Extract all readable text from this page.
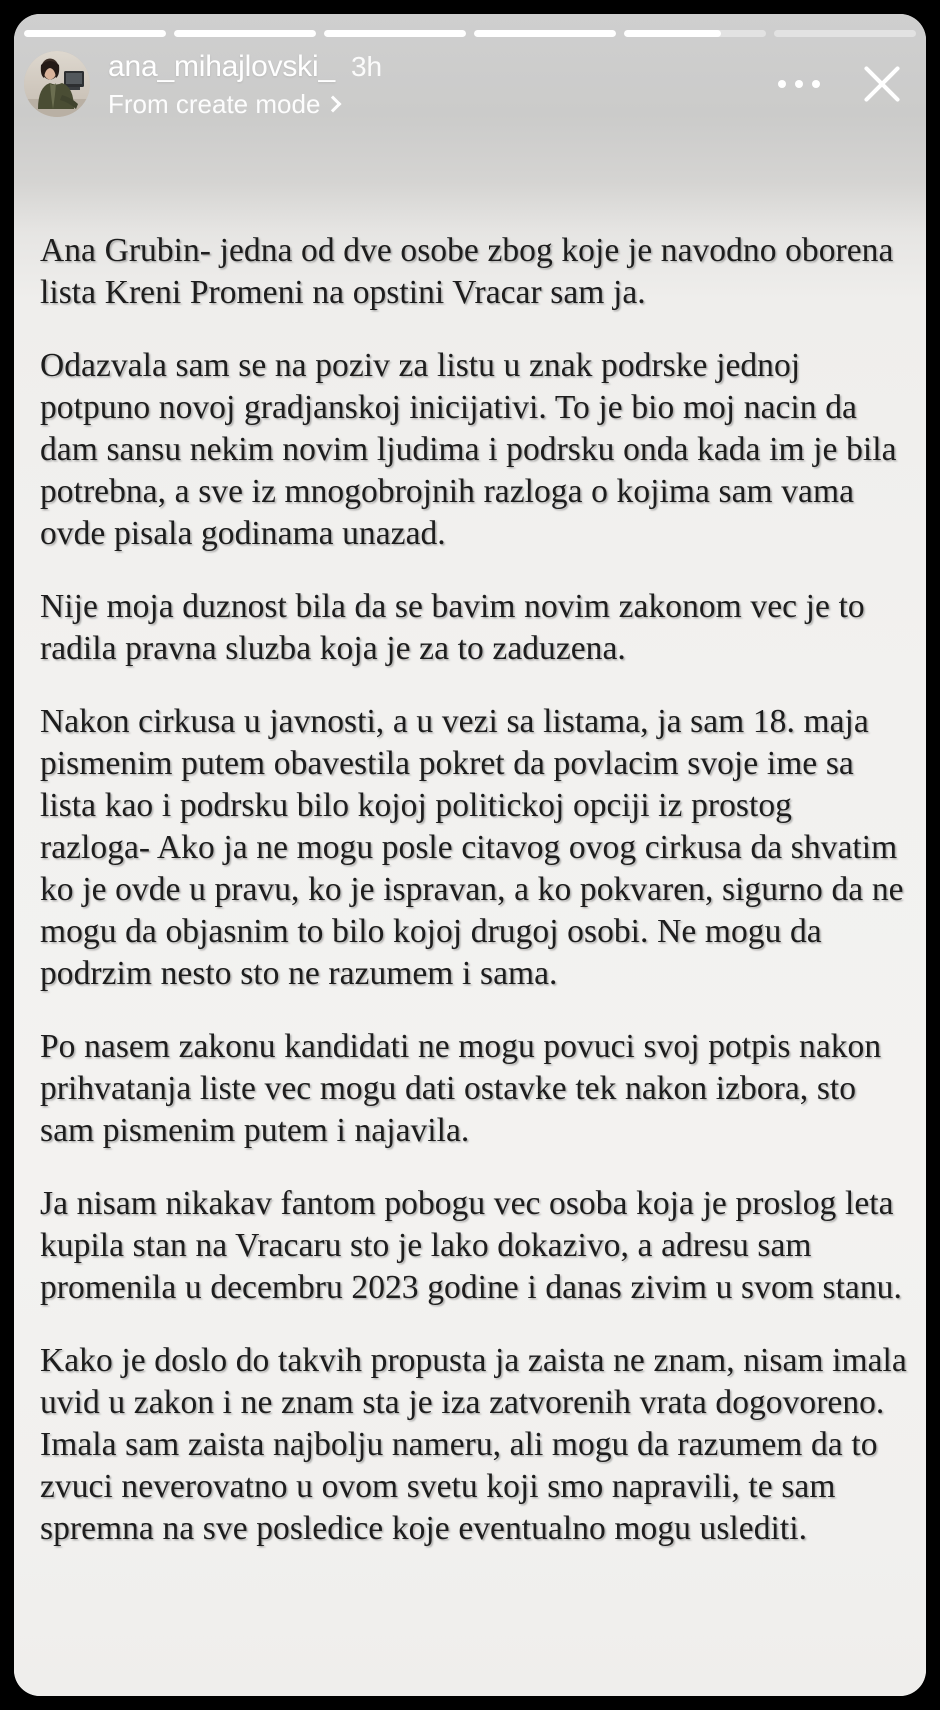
ana_mihajlovski_ 3h
From create mode

Ana Grubin- jedna od dve osobe zbog koje je navodno oborena lista Kreni Promeni na opstini Vracar sam ja.

Odazvala sam se na poziv za listu u znak podrske jednoj potpuno novoj gradjanskoj inicijativi. To je bio moj nacin da dam sansu nekim novim ljudima i podrsku onda kada im je bila potrebna, a sve iz mnogobrojnih razloga o kojima sam vama ovde pisala godinama unazad.

Nije moja duznost bila da se bavim novim zakonom vec je to radila pravna sluzba koja je za to zaduzena.

Nakon cirkusa u javnosti, a u vezi sa listama, ja sam 18. maja pismenim putem obavestila pokret da povlacim svoje ime sa lista kao i podrsku bilo kojoj politickoj opciji iz prostog razloga- Ako ja ne mogu posle citavog ovog cirkusa da shvatim ko je ovde u pravu, ko je ispravan, a ko pokvaren, sigurno da ne mogu da objasnim to bilo kojoj drugoj osobi. Ne mogu da podrzim nesto sto ne razumem i sama.

Po nasem zakonu kandidati ne mogu povuci svoj potpis nakon prihvatanja liste vec mogu dati ostavke tek nakon izbora, sto sam pismenim putem i najavila.

Ja nisam nikakav fantom pobogu vec osoba koja je proslog leta kupila stan na Vracaru sto je lako dokazivo, a adresu sam promenila u decembru 2023 godine i danas zivim u svom stanu.

Kako je doslo do takvih propusta ja zaista ne znam, nisam imala uvid u zakon i ne znam sta je iza zatvorenih vrata dogovoreno. Imala sam zaista najbolju nameru, ali mogu da razumem da to zvuci neverovatno u ovom svetu koji smo napravili, te sam spremna na sve posledice koje eventualno mogu uslediti.
